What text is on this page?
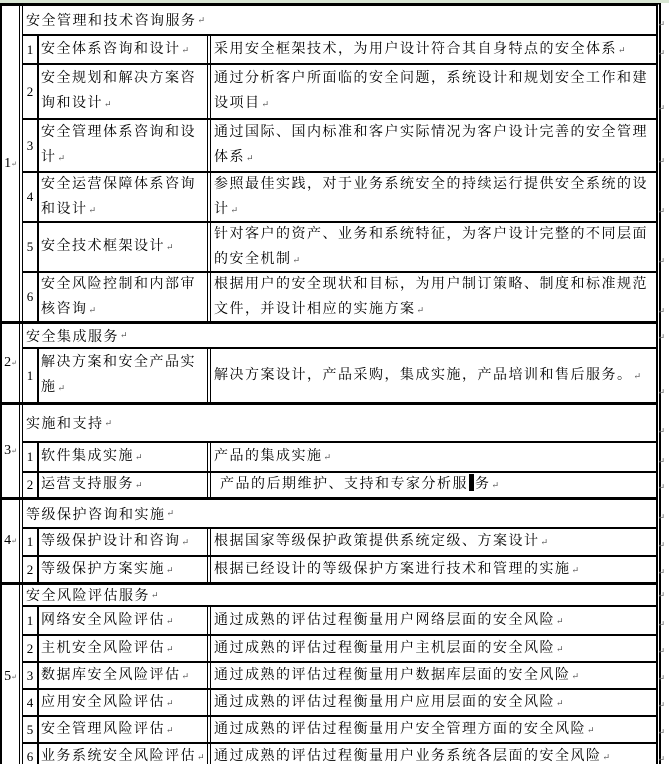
1 ↵
安全管理和技术咨询服务 ↵	↵
1 安全体系咨询和设计↵ 采用安全框架技术，为用户设计符合其自身特点的安全体系↵	↵
2
安全规划和解决方案咨询和设计↵
通过分析客户所面临的安全问题，系统设计和规划安全工作和建设项目↵	↵
3
安全管理体系咨询和设计↵
通过国际、国内标准和客户实际情况为客户设计完善的安全管理体系↵	↵
4
安全运营保障体系咨询和设计↵
参照最佳实践，对于业务系统安全的持续运行提供安全系统的设计↵	↵
5 安全技术框架设计↵
针对客户的资产、业务和系统特征，为客户设计完整的不同层面的安全机制↵	↵
6
安全风险控制和内部审核咨询↵
根据用户的安全现状和目标，为用户制订策略、制度和标准规范文件，并设计相应的实施方案↵	↵
2 ↵
安全集成服务 ↵	↵
1
解决方案和安全产品实施↵
解决方案设计，产品采购，集成实施，产品培训和售后服务。↵
↵
3 ↵
实施和支持 ↵
↵
1 软件集成实施↵	产品的集成实施↵	↵
2 运营支持服务↵	产品的后期维护、支持和专家分析服 务↵	↵
4 ↵
等级保护咨询和实施 ↵	↵
1 等级保护设计和咨询↵ 根据国家等级保护政策提供系统定级、方案设计↵	↵
2 等级保护方案实施↵	根据已经设计的等级保护方案进行技术和管理的实施↵	↵
5 ↵
安全风险评估服务 ↵	↵
1 网络安全风险评估↵	通过成熟的评估过程衡量用户网络层面的安全风险↵	↵
2 主机安全风险评估↵	通过成熟的评估过程衡量用户主机层面的安全风险↵	↵
3 数据库安全风险评估↵ 通过成熟的评估过程衡量用户数据库层面的安全风险↵	↵
4 应用安全风险评估↵	通过成熟的评估过程衡量用户应用层面的安全风险↵	↵
5 安全管理风险评估↵	通过成熟的评估过程衡量用户安全管理方面的安全风险↵	↵
6 业务系统安全风险评估↵ 通过成熟的评估过程衡量用户业务系统各层面的安全风险↵	↵
